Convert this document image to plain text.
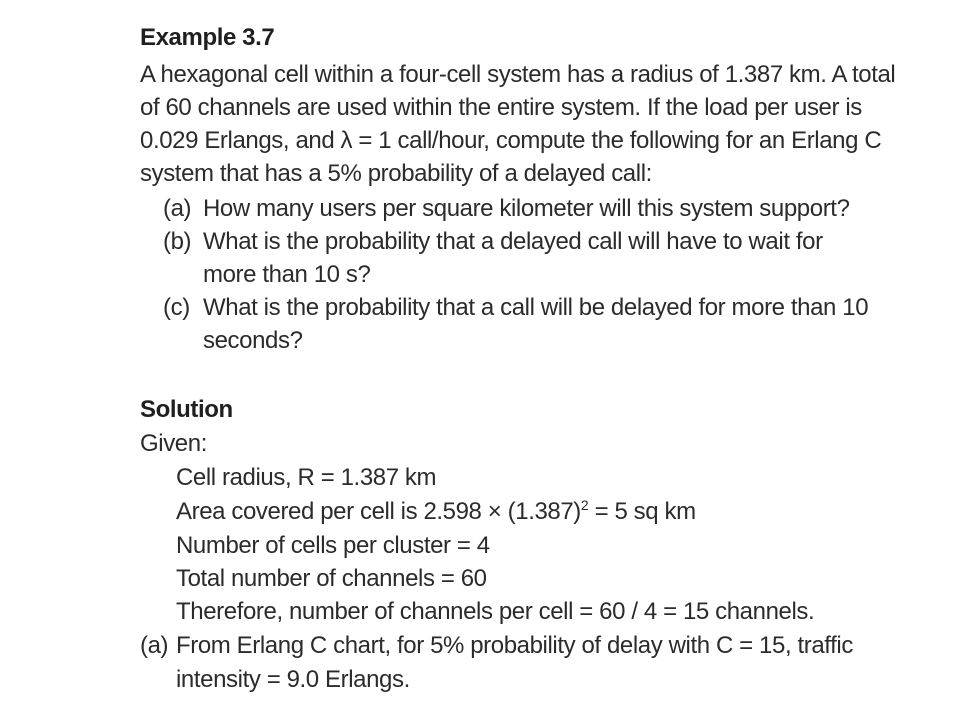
Example 3.7
A hexagonal cell within a four-cell system has a radius of 1.387 km. A total
of 60 channels are used within the entire system. If the load per user is
0.029 Erlangs, and λ = 1 call/hour, compute the following for an Erlang C
system that has a 5% probability of a delayed call:
(a) How many users per square kilometer will this system support?
(b) What is the probability that a delayed call will have to wait for
more than 10 s?
(c) What is the probability that a call will be delayed for more than 10
seconds?
Solution
Given:
Cell radius, R = 1.387 km
Area covered per cell is $2.598 \times (1.387)^2 = 5$ sq km
Number of cells per cluster = 4
Total number of channels = 60
Therefore, number of channels per cell = 60 / 4 = 15 channels.
(a) From Erlang C chart, for 5% probability of delay with C = 15, traffic
intensity = 9.0 Erlangs.
